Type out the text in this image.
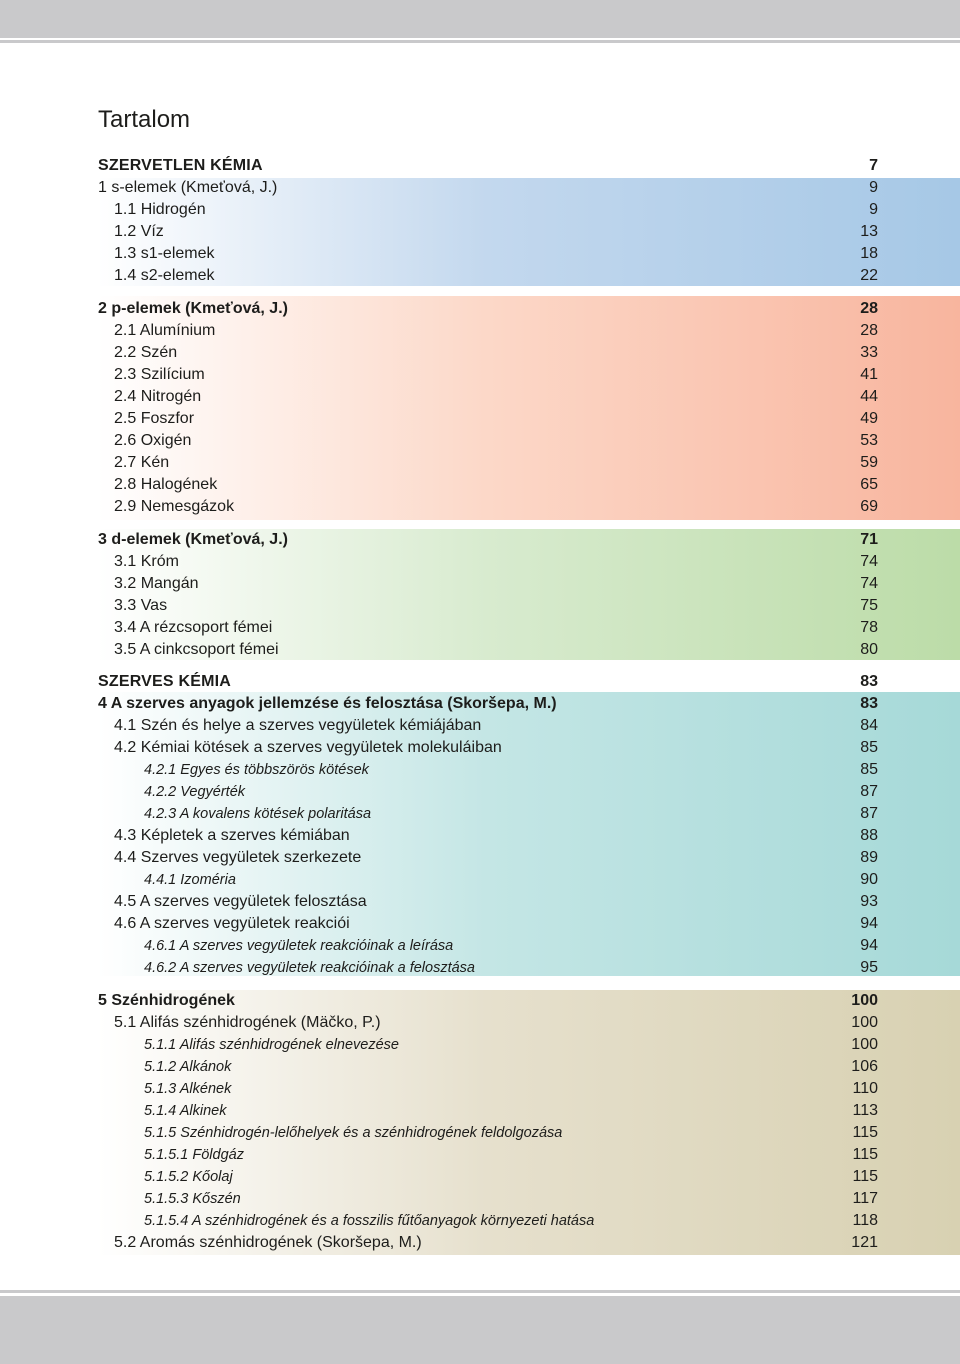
Tartalom
SZERVETLEN KÉMIA	7
1 s-elemek (Kmeťová, J.)	9
1.1 Hidrogén	9
1.2 Víz	13
1.3 s1-elemek	18
1.4 s2-elemek	22
2 p-elemek (Kmeťová, J.)	28
2.1 Alumínium	28
2.2 Szén	33
2.3 Szilícium	41
2.4 Nitrogén	44
2.5 Foszfor	49
2.6 Oxigén	53
2.7 Kén	59
2.8 Halogének	65
2.9 Nemesgázok	69
3 d-elemek (Kmeťová, J.)	71
3.1 Króm	74
3.2 Mangán	74
3.3 Vas	75
3.4 A rézcsoport fémei	78
3.5 A cinkcsoport fémei	80
SZERVES KÉMIA	83
4 A szerves anyagok jellemzése és felosztása (Skoršepa, M.)	83
4.1 Szén és helye a szerves vegyületek kémiájában	84
4.2 Kémiai kötések a szerves vegyületek molekuláiban	85
4.2.1 Egyes és többszörös kötések	85
4.2.2 Vegyérték	87
4.2.3 A kovalens kötések polaritása	87
4.3 Képletek a szerves kémiában	88
4.4 Szerves vegyületek szerkezete	89
4.4.1 Izoméria	90
4.5 A szerves vegyületek felosztása	93
4.6 A szerves vegyületek reakciói	94
4.6.1 A szerves vegyületek reakcióinak a leírása	94
4.6.2 A szerves vegyületek reakcióinak a felosztása	95
5 Szénhidrogének	100
5.1 Alifás szénhidrogének (Mäčko, P.)	100
5.1.1 Alifás szénhidrogének elnevezése	100
5.1.2 Alkánok	106
5.1.3 Alkének	110
5.1.4 Alkinek	113
5.1.5 Szénhidrogén-lelőhelyek és a szénhidrogének feldolgozása	115
5.1.5.1 Földgáz	115
5.1.5.2 Kőolaj	115
5.1.5.3 Kőszén	117
5.1.5.4 A szénhidrogének és a fosszilis fűtőanyagok környezeti hatása	118
5.2 Aromás szénhidrogének (Skoršepa, M.)	121
